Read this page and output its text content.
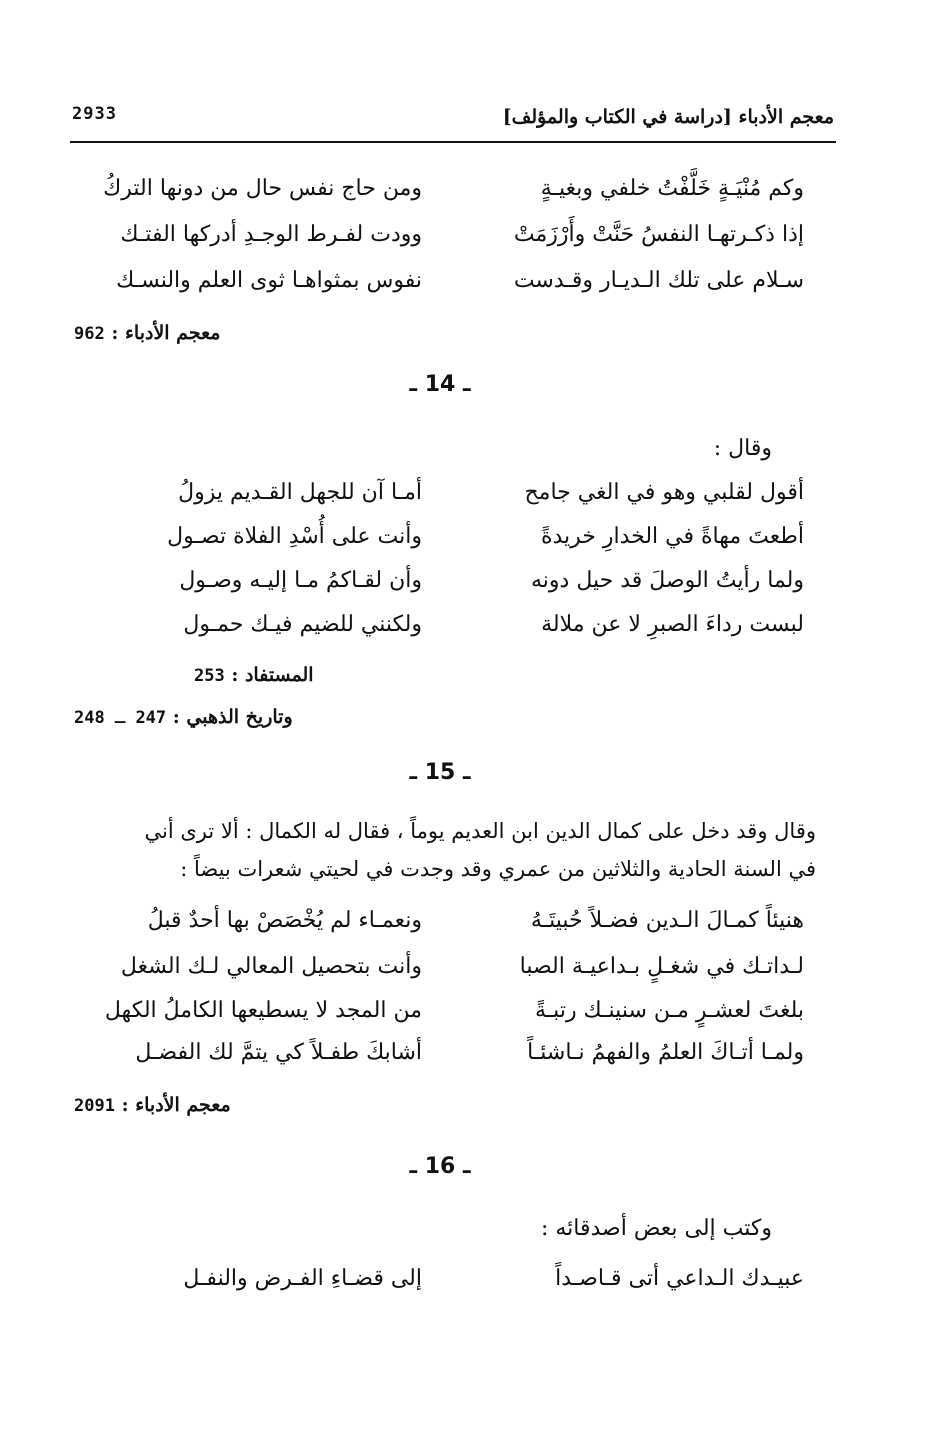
معجم الأدباء [دراسة في الكتاب والمؤلف]
2933
وكم مُنْيَـةٍ خَلَّفْتُ خلفي وبغيـةٍ
ومن حاج نفس حال من دونها التركُ
إذا ذكـرتهـا النفسُ حَنَّتْ وأَرْزَمَتْ
وودت لفـرط الوجـدِ أدركها الفتـك
سـلام على تلك الـديـار وقـدست
نفوس بمثواهـا ثوى العلم والنسـك
معجم الأدباء : 962
ـ 14 ـ
وقال :
أقول لقلبي وهو في الغي جامح
أمـا آن للجهل القـديم يزولُ
أطعتَ مهاةً في الخدارِ خريدةً
وأنت على أُسْدِ الفلاة تصـول
ولما رأيتُ الوصلَ قد حيل دونه
وأن لقـاكمُ مـا إليـه وصـول
لبست رداءَ الصبرِ لا عن ملالة
ولكنني للضيم فيـك حمـول
المستفاد : 253
وتاريخ الذهبي : 247 ـ 248
ـ 15 ـ
وقال وقد دخل على كمال الدين ابن العديم يوماً ، فقال له الكمال : ألا ترى أني
في السنة الحادية والثلاثين من عمري وقد وجدت في لحيتي شعرات بيضاً :
هنيئاً كمـالَ الـدين فضـلاً حُبيتَـهُ
ونعمـاء لم يُخْصَصْ بها أحدٌ قبلُ
لـداتـك في شغـلٍ بـداعيـة الصبا
وأنت بتحصيل المعالي لـك الشغل
بلغتَ لعشـرٍ مـن سنينـك رتبـةً
من المجد لا يسطيعها الكاملُ الكهل
ولمـا أتـاكَ العلمُ والفهمُ نـاشئـاً
أشابكَ طفـلاً كي يتمَّ لك الفضـل
معجم الأدباء : 2091
ـ 16 ـ
وكتب إلى بعض أصدقائه :
عبيـدك الـداعي أتى قـاصـداً
إلى قضـاءِ الفـرض والنفـل
